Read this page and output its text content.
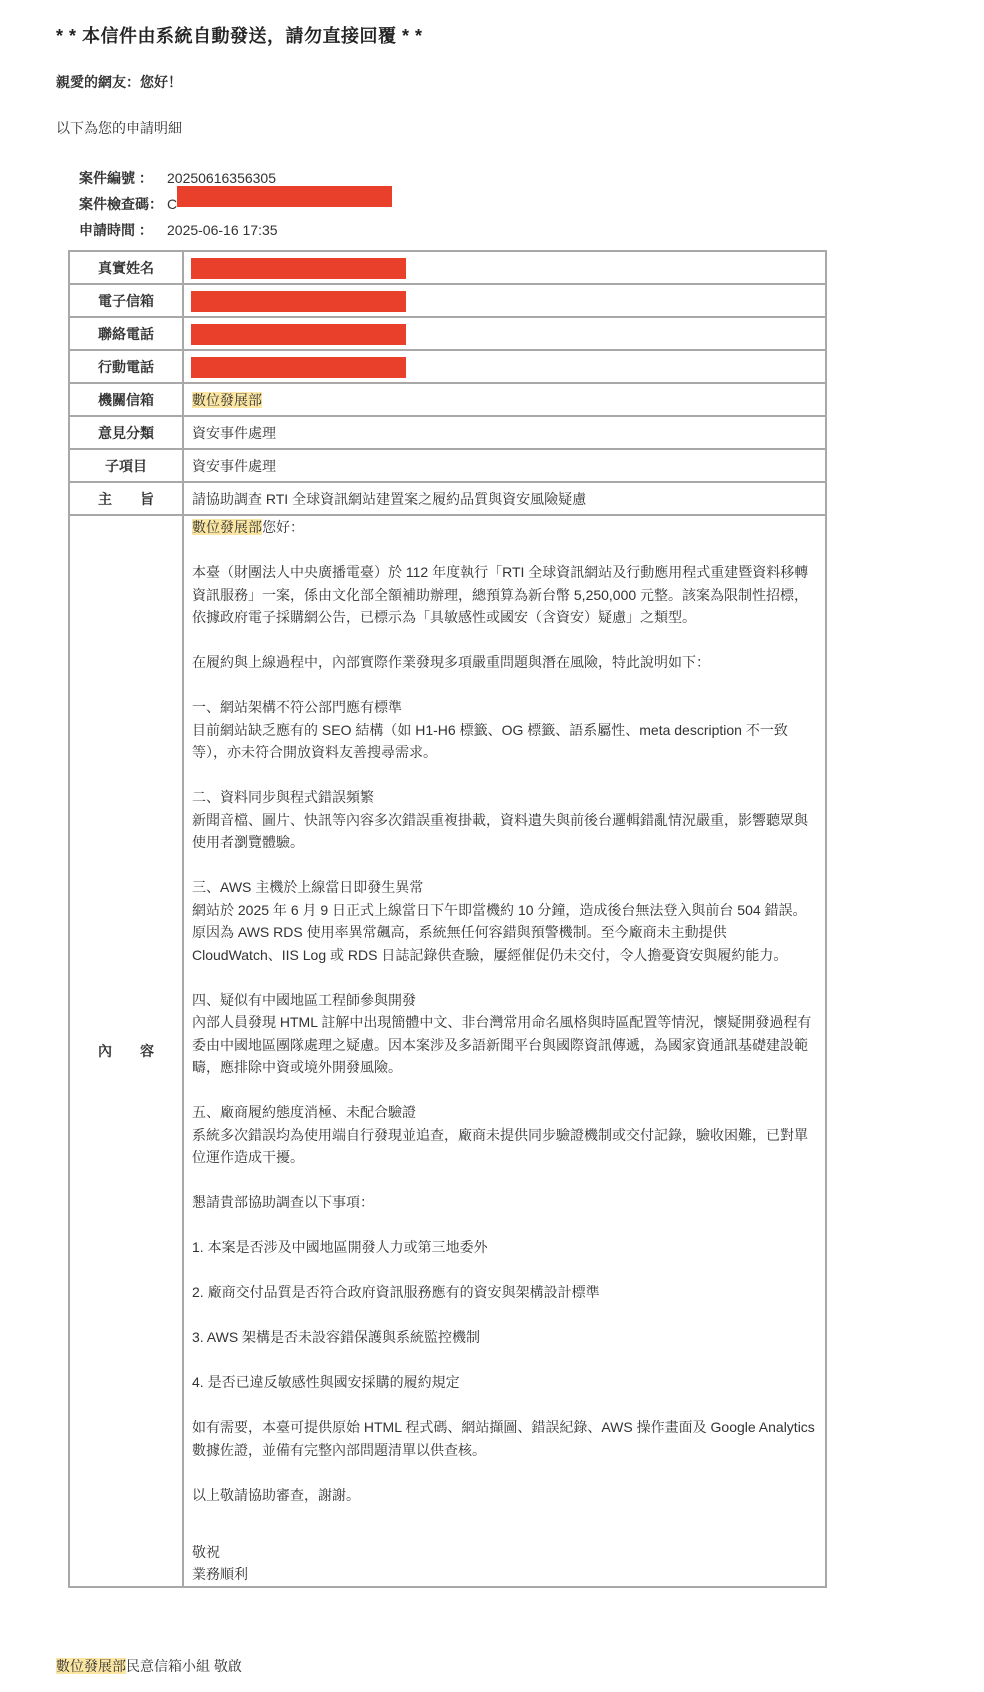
* * 本信件由系統自動發送，請勿直接回覆 * *
親愛的網友：您好！
以下為您的申請明細
案件編號 ：	20250616356305
案件檢查碼： C
申請時間 ：	2025-06-16 17:35
真實姓名	

電子信箱	

聯絡電話	

行動電話	

機關信箱	數位發展部
意見分類	資安事件處理
子項目	資安事件處理
主　　旨	請協助調查 RTI 全球資訊網站建置案之履約品質與資安風險疑慮
內　　容	

數位發展部您好：

本臺（財團法人中央廣播電臺）於 112 年度執行「RTI 全球資訊網站及行動應用程式重建暨資料移轉資訊服務」一案，係由文化部全額補助辦理，總預算為新台幣 5,250,000 元整。該案為限制性招標，依據政府電子採購網公告，已標示為「具敏感性或國安（含資安）疑慮」之類型。

在履約與上線過程中，內部實際作業發現多項嚴重問題與潛在風險，特此說明如下：

一、網站架構不符公部門應有標準

目前網站缺乏應有的 SEO 結構（如 H1-H6 標籤、OG 標籤、語系屬性、meta description 不一致等），亦未符合開放資料友善搜尋需求。

二、資料同步與程式錯誤頻繁

新聞音檔、圖片、快訊等內容多次錯誤重複掛載，資料遺失與前後台邏輯錯亂情況嚴重，影響聽眾與使用者瀏覽體驗。

三、AWS 主機於上線當日即發生異常

網站於 2025 年 6 月 9 日正式上線當日下午即當機約 10 分鐘，造成後台無法登入與前台 504 錯誤。原因為 AWS RDS 使用率異常飆高，系統無任何容錯與預警機制。至今廠商未主動提供 CloudWatch、IIS Log 或 RDS 日誌記錄供查驗，屢經催促仍未交付，令人擔憂資安與履約能力。

四、疑似有中國地區工程師參與開發

內部人員發現 HTML 註解中出現簡體中文、非台灣常用命名風格與時區配置等情況，懷疑開發過程有委由中國地區團隊處理之疑慮。因本案涉及多語新聞平台與國際資訊傳遞，為國家資通訊基礎建設範疇，應排除中資或境外開發風險。

五、廠商履約態度消極、未配合驗證

系統多次錯誤均為使用端自行發現並追查，廠商未提供同步驗證機制或交付記錄，驗收困難，已對單位運作造成干擾。

懇請貴部協助調查以下事項：

1. 本案是否涉及中國地區開發人力或第三地委外

2. 廠商交付品質是否符合政府資訊服務應有的資安與架構設計標準

3. AWS 架構是否未設容錯保護與系統監控機制

4. 是否已違反敏感性與國安採購的履約規定

如有需要，本臺可提供原始 HTML 程式碼、網站擷圖、錯誤紀錄、AWS 操作畫面及 Google Analytics 數據佐證，並備有完整內部問題清單以供查核。

以上敬請協助審查，謝謝。

敬祝

業務順利

數位發展部民意信箱小組 敬啟
